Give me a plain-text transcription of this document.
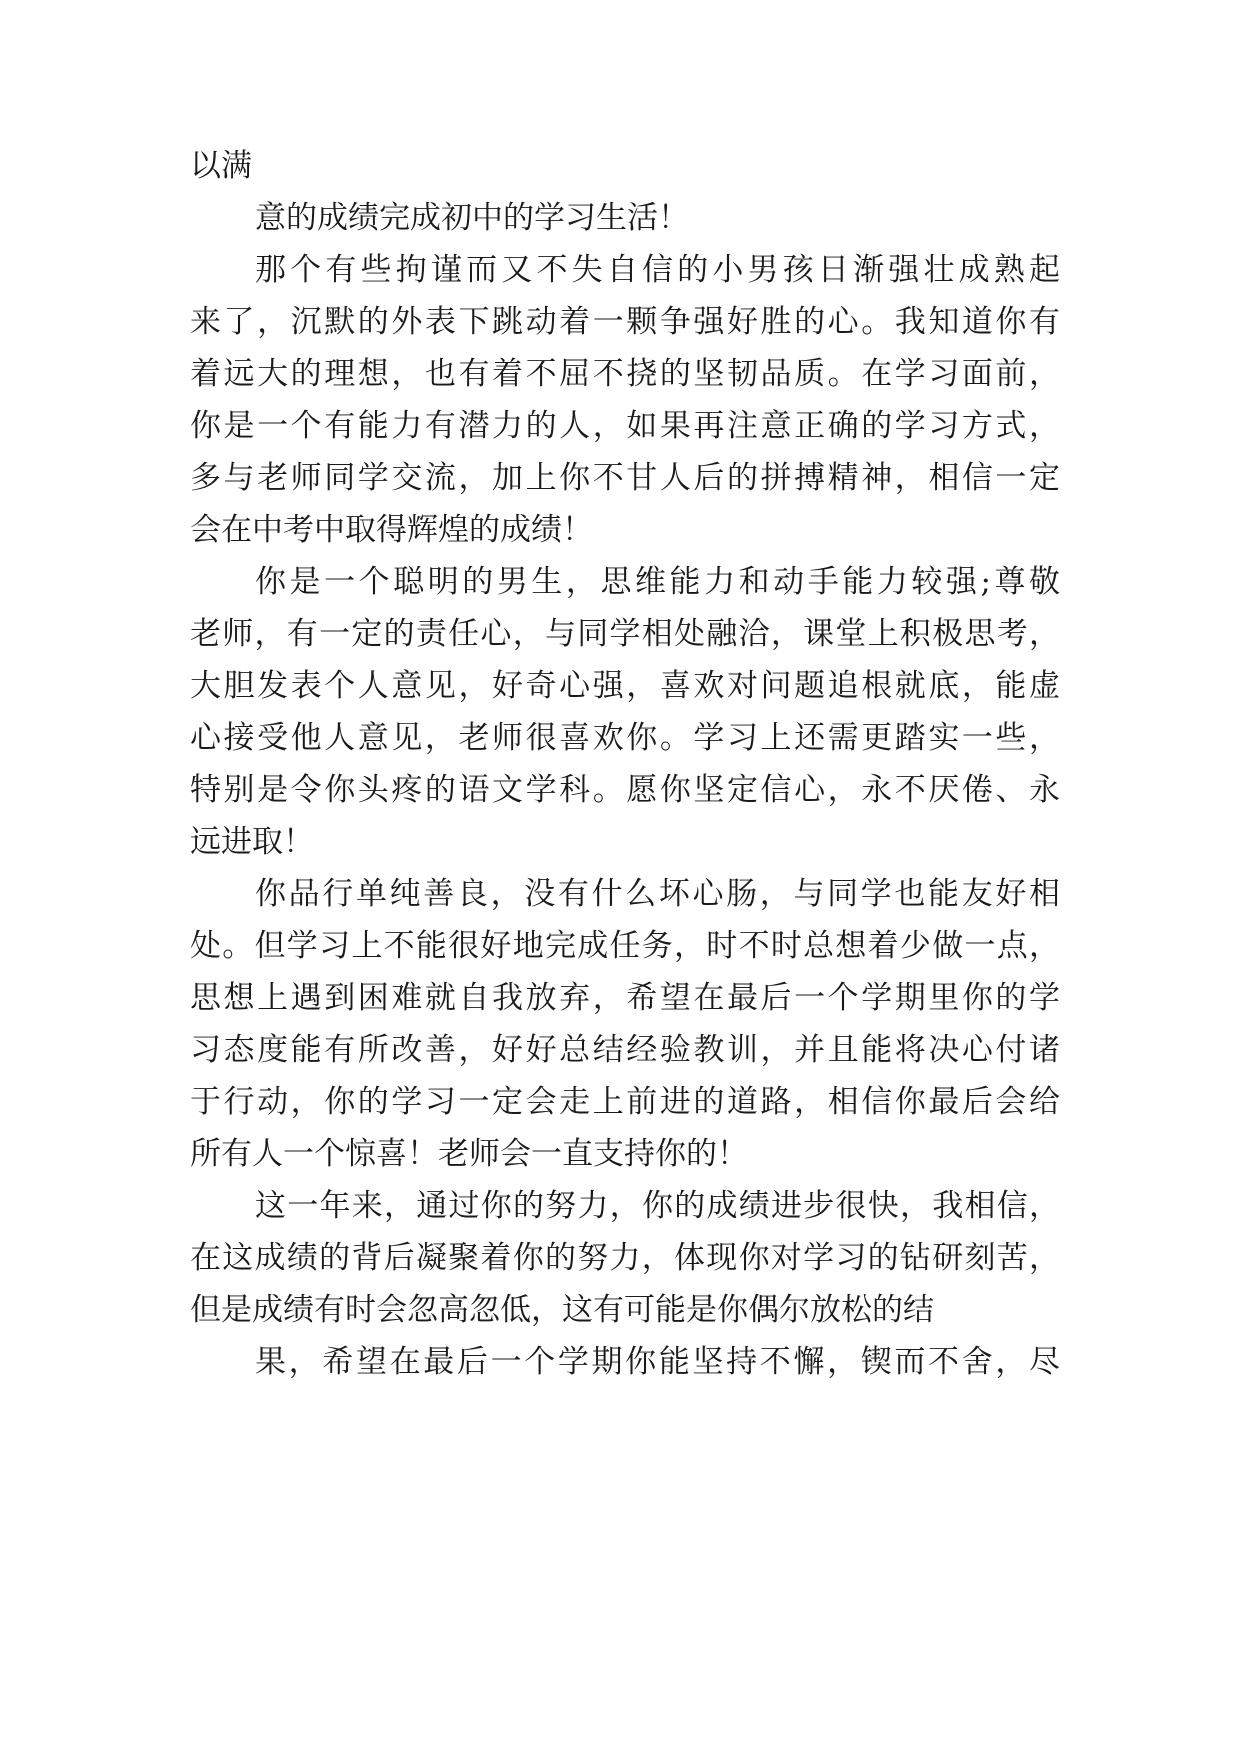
以满
意的成绩完成初中的学习生活！
那个有些拘谨而又不失自信的小男孩日渐强壮成熟起
来了，沉默的外表下跳动着一颗争强好胜的心。我知道你有
着远大的理想，也有着不屈不挠的坚韧品质。在学习面前，
你是一个有能力有潜力的人，如果再注意正确的学习方式，
多与老师同学交流，加上你不甘人后的拼搏精神，相信一定
会在中考中取得辉煌的成绩！
你是一个聪明的男生，思维能力和动手能力较强;尊敬
老师，有一定的责任心，与同学相处融洽，课堂上积极思考，
大胆发表个人意见，好奇心强，喜欢对问题追根就底，能虚
心接受他人意见，老师很喜欢你。学习上还需更踏实一些，
特别是令你头疼的语文学科。愿你坚定信心，永不厌倦、永
远进取！
你品行单纯善良，没有什么坏心肠，与同学也能友好相
处。但学习上不能很好地完成任务，时不时总想着少做一点，
思想上遇到困难就自我放弃，希望在最后一个学期里你的学
习态度能有所改善，好好总结经验教训，并且能将决心付诸
于行动，你的学习一定会走上前进的道路，相信你最后会给
所有人一个惊喜！老师会一直支持你的！
这一年来，通过你的努力，你的成绩进步很快，我相信，
在这成绩的背后凝聚着你的努力，体现你对学习的钻研刻苦，
但是成绩有时会忽高忽低，这有可能是你偶尔放松的结
果，希望在最后一个学期你能坚持不懈，锲而不舍，尽
